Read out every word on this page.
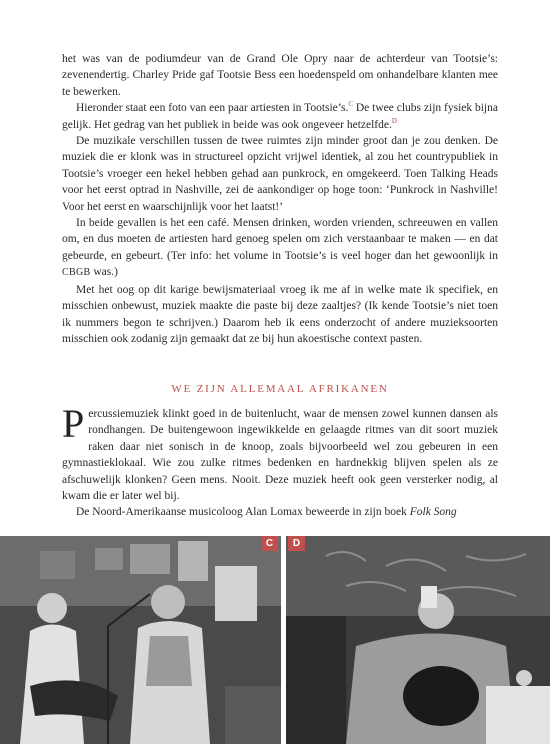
het was van de podiumdeur van de Grand Ole Opry naar de achterdeur van Tootsie’s: zevenendertig. Charley Pride gaf Tootsie Bess een hoedenspeld om onhandelbare klanten mee te bewerken.

Hieronder staat een foto van een paar artiesten in Tootsie’s.$^C$ De twee clubs zijn fysiek bijna gelijk. Het gedrag van het publiek in beide was ook ongeveer hetzelfde.$^D$

De muzikale verschillen tussen de twee ruimtes zijn minder groot dan je zou denken. De muziek die er klonk was in structureel opzicht vrijwel identiek, al zou het countrypubliek in Tootsie’s vroeger een hekel hebben gehad aan punkrock, en omgekeerd. Toen Talking Heads voor het eerst optrad in Nashville, zei de aankondiger op hoge toon: ‘Punkrock in Nashville! Voor het eerst en waarschijnlijk voor het laatst!’

In beide gevallen is het een café. Mensen drinken, worden vrienden, schreeuwen en vallen om, en dus moeten de artiesten hard genoeg spelen om zich verstaanbaar te maken — en dat gebeurde, en gebeurt. (Ter info: het volume in Tootsie’s is veel hoger dan het gewoonlijk in CBGB was.)

Met het oog op dit karige bewijsmateriaal vroeg ik me af in welke mate ik specifiek, en misschien onbewust, muziek maakte die paste bij deze zaaltjes? (Ik kende Tootsie’s niet toen ik nummers begon te schrijven.) Daarom heb ik eens onderzocht of andere muzieksoorten misschien ook zodanig zijn gemaakt dat ze bij hun akoestische context pasten.

WE ZIJN ALLEMAAL AFRIKANEN

Percussiemuziek klinkt goed in de buitenlucht, waar de mensen zowel kunnen dansen als rondhangen. De buitengewoon ingewikkelde en gelaagde ritmes van dit soort muziek raken daar niet sonisch in de knoop, zoals bijvoorbeeld wel zou gebeuren in een gymnastieklokaal. Wie zou zulke ritmes bedenken en hardnekkig blijven spelen als ze afschuwelijk klonken? Geen mens. Nooit. Deze muziek heeft ook geen versterker nodig, al kwam die er later wel bij.

De Noord-Amerikaanse musicoloog Alan Lomax beweerde in zijn boek Folk Song

C	D
